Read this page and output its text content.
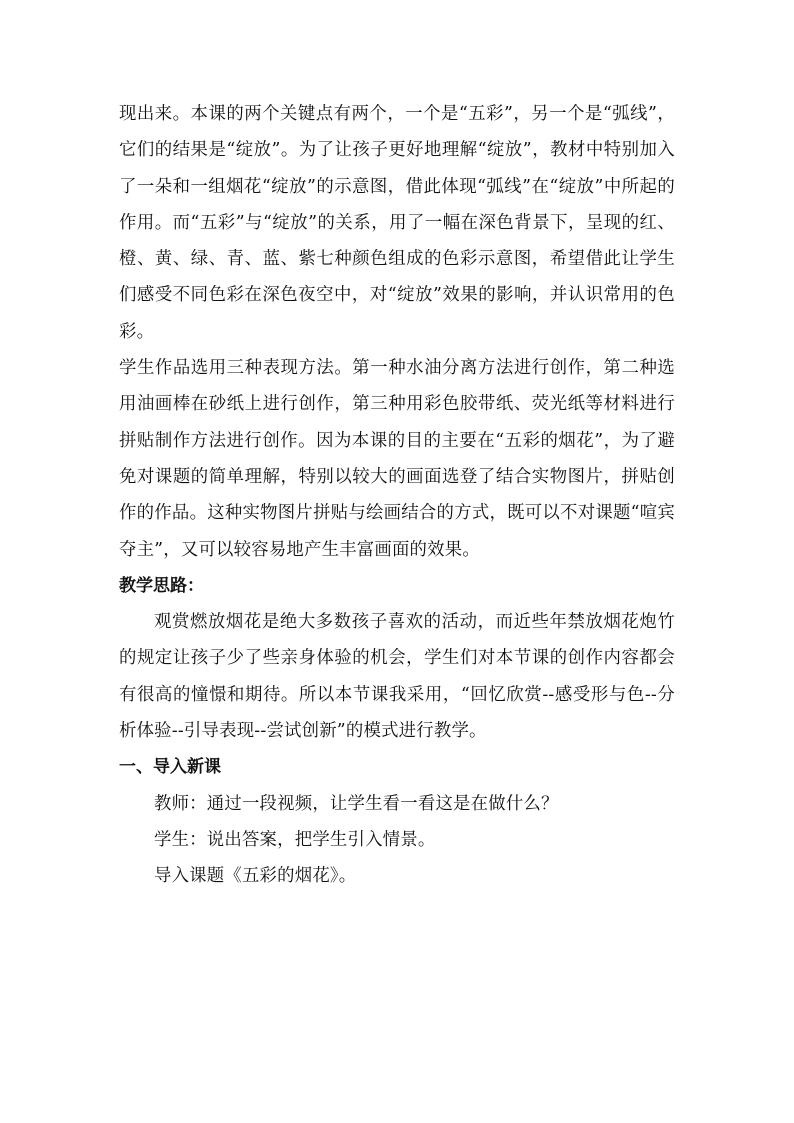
现出来。本课的两个关键点有两个，一个是“五彩”，另一个是“弧线”，它们的结果是“绽放”。为了让孩子更好地理解“绽放”，教材中特别加入了一朵和一组烟花“绽放”的示意图，借此体现“弧线”在“绽放”中所起的作用。而“五彩”与“绽放”的关系，用了一幅在深色背景下，呈现的红、橙、黄、绿、青、蓝、紫七种颜色组成的色彩示意图，希望借此让学生们感受不同色彩在深色夜空中，对“绽放”效果的影响，并认识常用的色彩。

学生作品选用三种表现方法。第一种水油分离方法进行创作，第二种选用油画棒在砂纸上进行创作，第三种用彩色胶带纸、荧光纸等材料进行拼贴制作方法进行创作。因为本课的目的主要在“五彩的烟花”，为了避免对课题的简单理解，特别以较大的画面选登了结合实物图片，拼贴创作的作品。这种实物图片拼贴与绘画结合的方式，既可以不对课题“喧宾夺主”，又可以较容易地产生丰富画面的效果。

教学思路：

观赏燃放烟花是绝大多数孩子喜欢的活动，而近些年禁放烟花炮竹的规定让孩子少了些亲身体验的机会，学生们对本节课的创作内容都会有很高的憧憬和期待。所以本节课我采用，“回忆欣赏--感受形与色--分析体验--引导表现--尝试创新”的模式进行教学。

一、导入新课

教师：通过一段视频，让学生看一看这是在做什么？

学生：说出答案，把学生引入情景。

导入课题《五彩的烟花》。
